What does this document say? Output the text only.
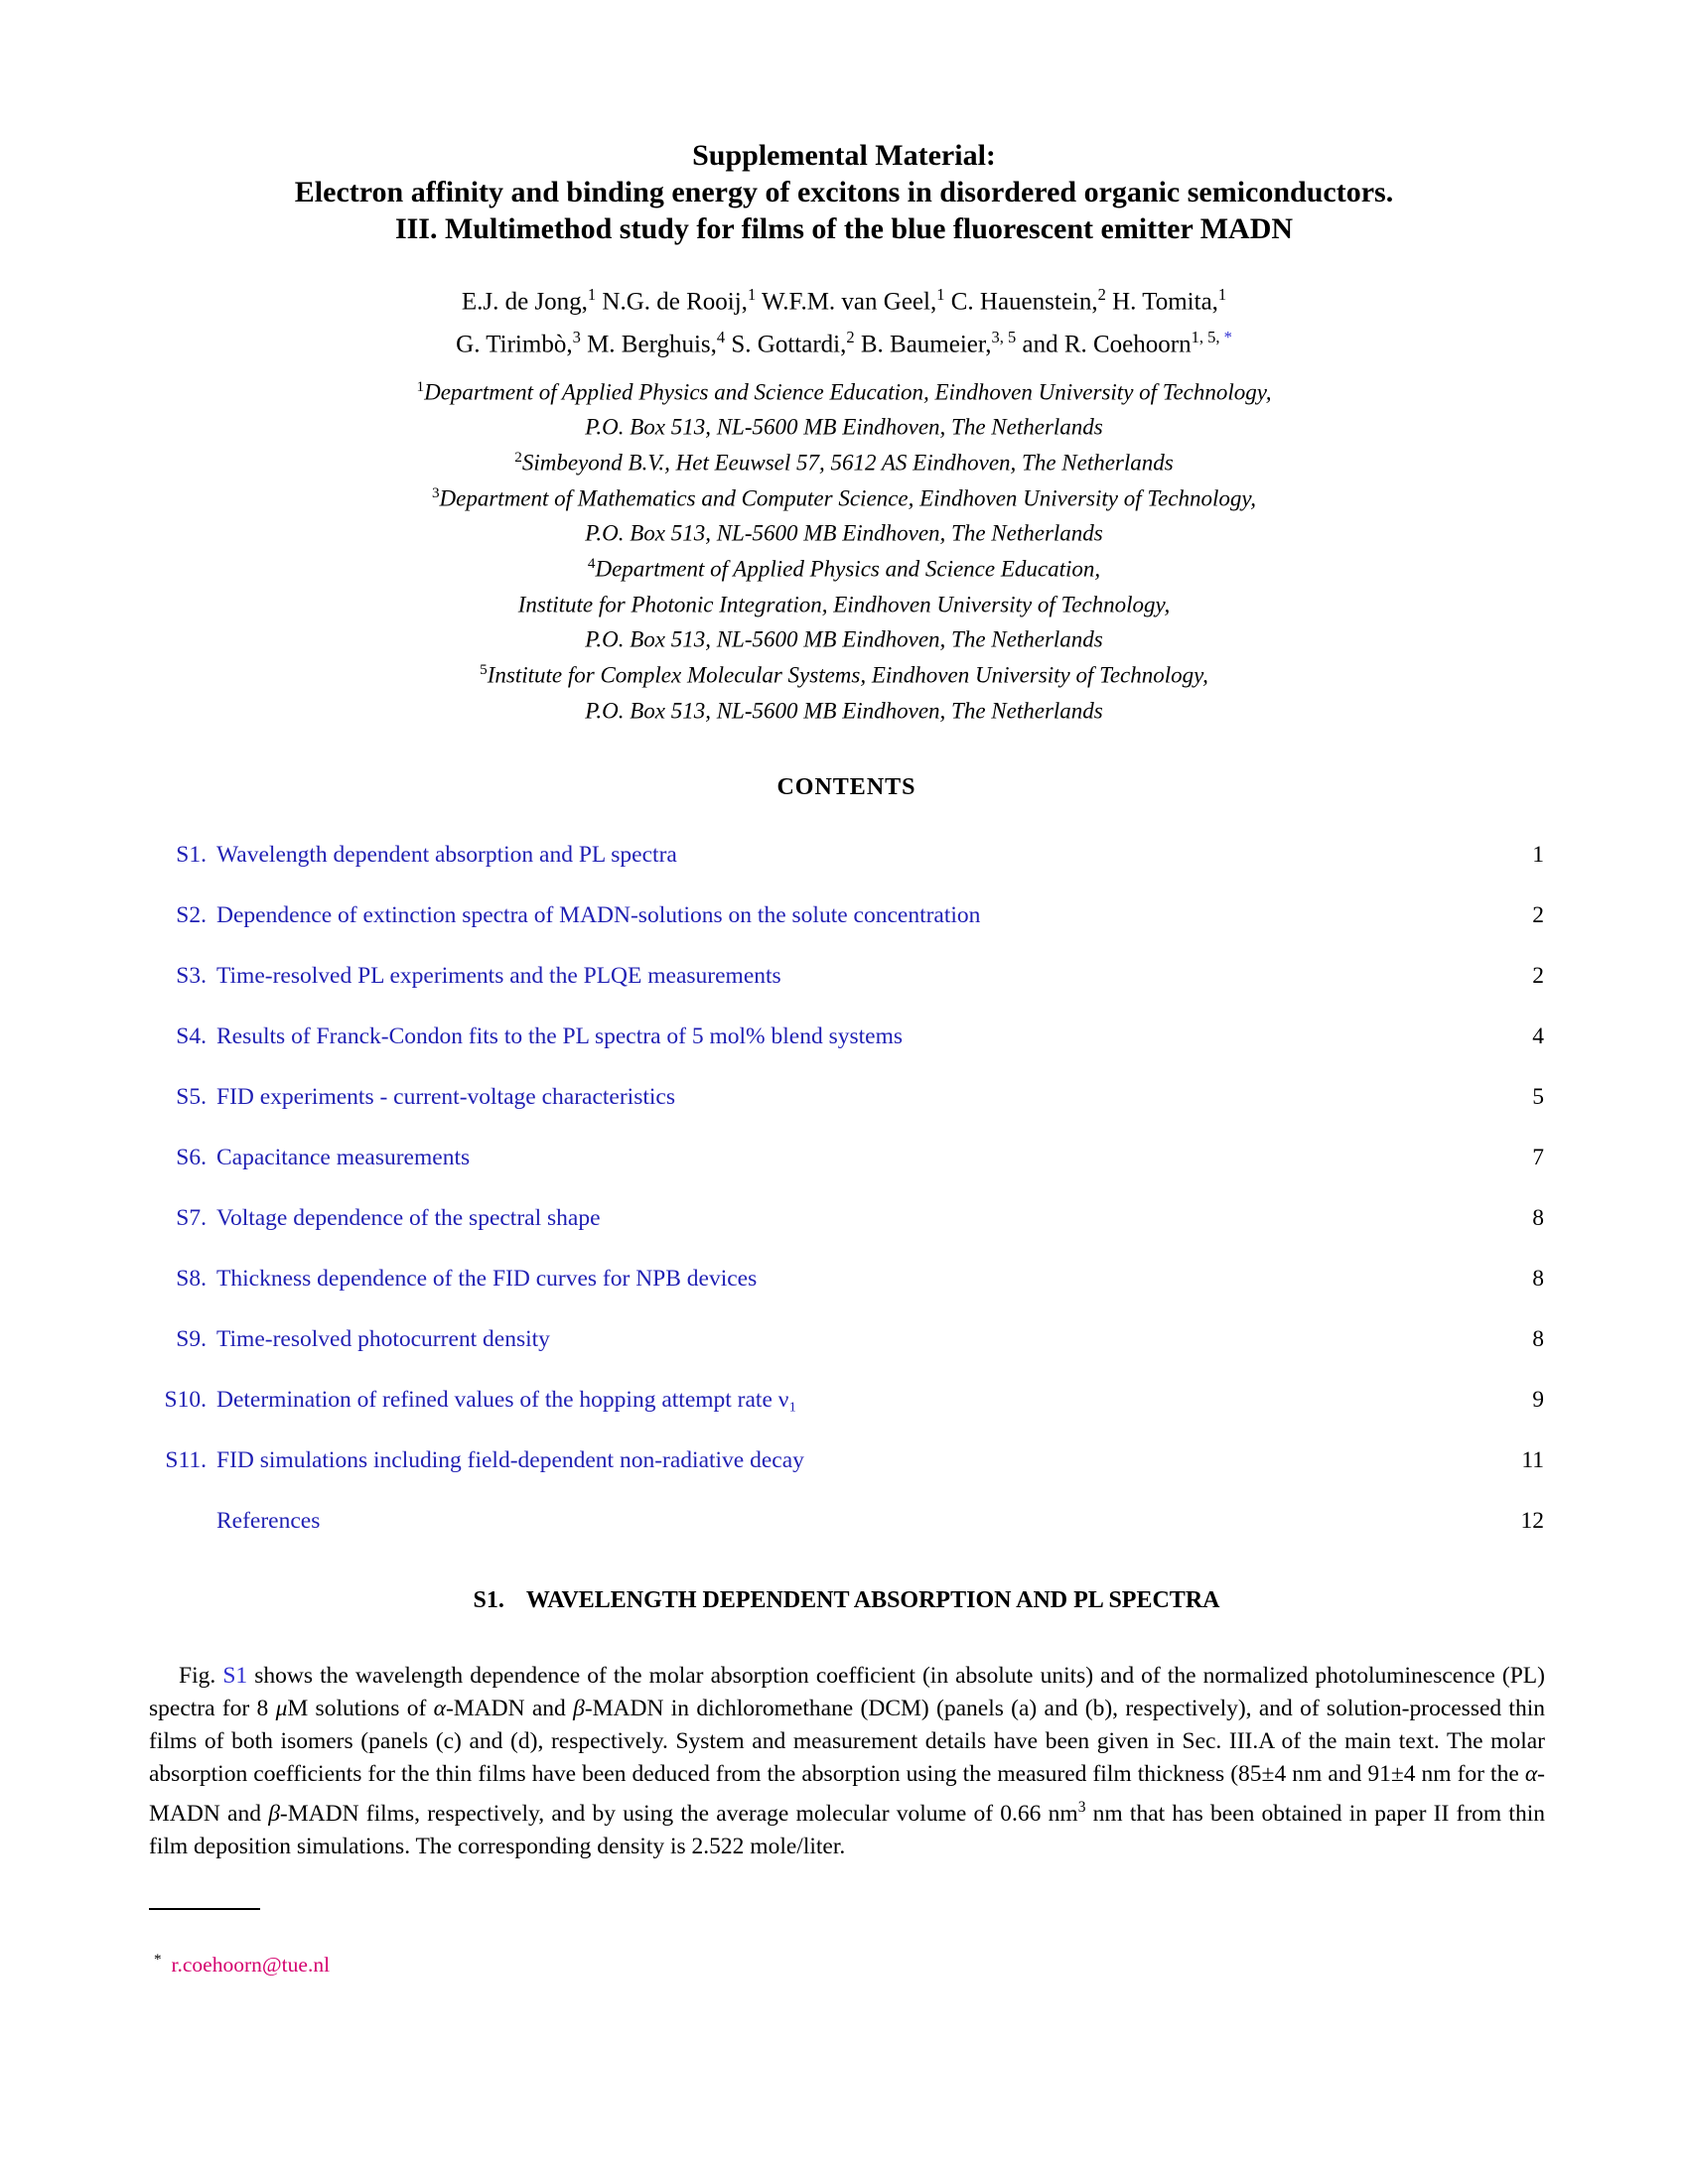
Supplemental Material:
Electron affinity and binding energy of excitons in disordered organic semiconductors.
III. Multimethod study for films of the blue fluorescent emitter MADN
E.J. de Jong,$^1$ N.G. de Rooij,$^1$ W.F.M. van Geel,$^1$ C. Hauenstein,$^2$ H. Tomita,$^1$
G. Tirimbò,$^3$ M. Berghuis,$^4$ S. Gottardi,$^2$ B. Baumeier,$^{3, 5}$ and R. Coehoorn$^{1, 5,}$ *
$^1$Department of Applied Physics and Science Education, Eindhoven University of Technology,
P.O. Box 513, NL-5600 MB Eindhoven, The Netherlands
$^2$Simbeyond B.V., Het Eeuwsel 57, 5612 AS Eindhoven, The Netherlands
$^3$Department of Mathematics and Computer Science, Eindhoven University of Technology,
P.O. Box 513, NL-5600 MB Eindhoven, The Netherlands
$^4$Department of Applied Physics and Science Education,
Institute for Photonic Integration, Eindhoven University of Technology,
P.O. Box 513, NL-5600 MB Eindhoven, The Netherlands
$^5$Institute for Complex Molecular Systems, Eindhoven University of Technology,
P.O. Box 513, NL-5600 MB Eindhoven, The Netherlands
CONTENTS
S1. Wavelength dependent absorption and PL spectra	1
S2. Dependence of extinction spectra of MADN-solutions on the solute concentration	2
S3. Time-resolved PL experiments and the PLQE measurements	2
S4. Results of Franck-Condon fits to the PL spectra of 5 mol% blend systems	4
S5. FID experiments - current-voltage characteristics	5
S6. Capacitance measurements	7
S7. Voltage dependence of the spectral shape	8
S8. Thickness dependence of the FID curves for NPB devices	8
S9. Time-resolved photocurrent density	8
S10. Determination of refined values of the hopping attempt rate ν₁	9
S11. FID simulations including field-dependent non-radiative decay	11
References	12
S1. WAVELENGTH DEPENDENT ABSORPTION AND PL SPECTRA
Fig. S1 shows the wavelength dependence of the molar absorption coefficient (in absolute units) and of the normalized photoluminescence (PL) spectra for 8 μM solutions of α-MADN and β-MADN in dichloromethane (DCM) (panels (a) and (b), respectively), and of solution-processed thin films of both isomers (panels (c) and (d), respectively. System and measurement details have been given in Sec. III.A of the main text. The molar absorption coefficients for the thin films have been deduced from the absorption using the measured film thickness (85±4 nm and 91±4 nm for the α-MADN and β-MADN films, respectively, and by using the average molecular volume of 0.66 $nm^3$ nm that has been obtained in paper II from thin film deposition simulations. The corresponding density is 2.522 mole/liter.
* r.coehoorn@tue.nl
